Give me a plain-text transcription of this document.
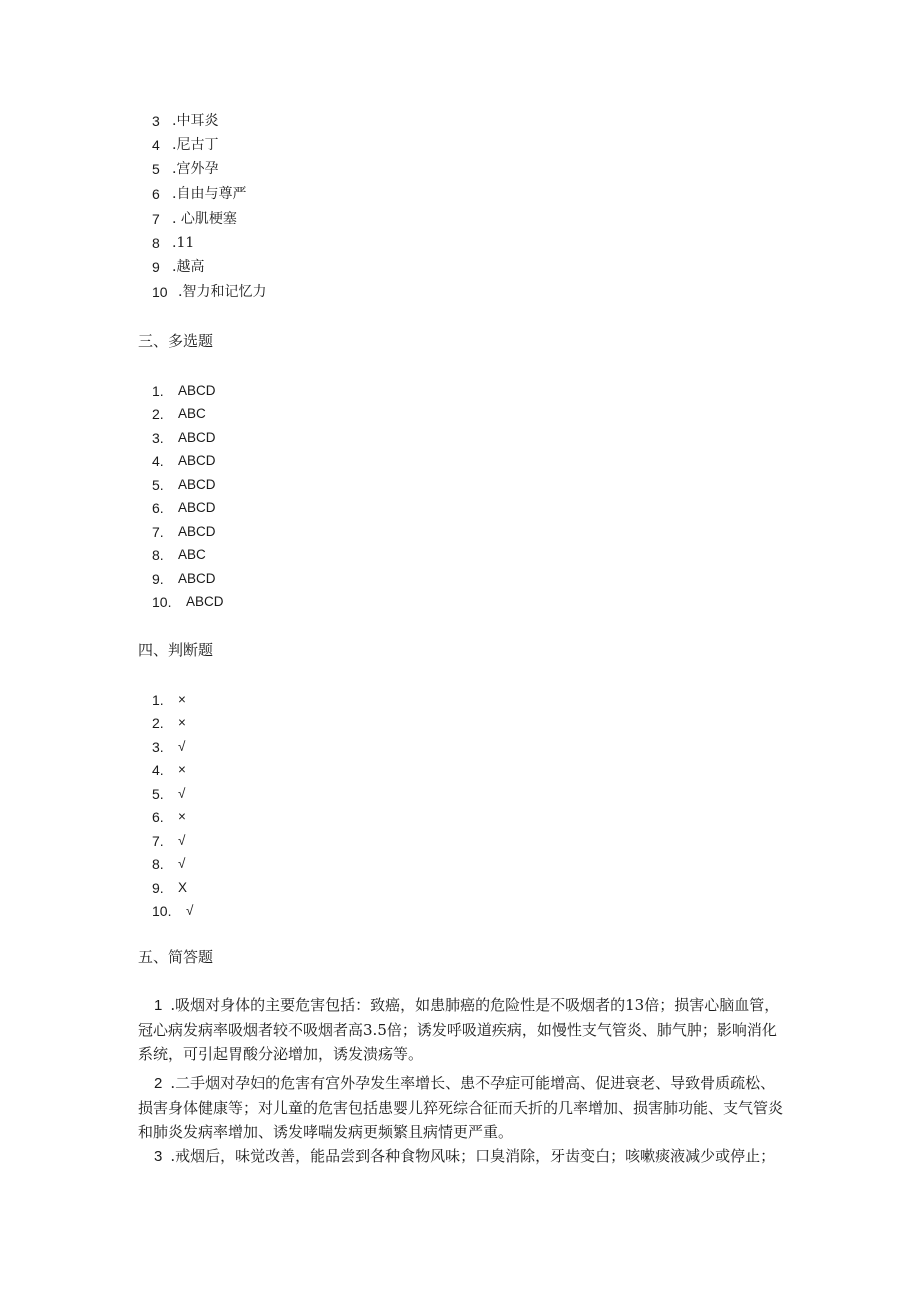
3 .中耳炎
4 .尼古丁
5 .宫外孕
6 .自由与尊严
7 . 心肌梗塞
8 .11
9 .越高
10 .智力和记忆力
三、多选题
1. ABCD
2. ABC
3. ABCD
4. ABCD
5. ABCD
6. ABCD
7. ABCD
8. ABC
9. ABCD
10. ABCD
四、判断题
1. ×
2. ×
3. √
4. ×
5. √
6. ×
7. √
8. √
9. X
10. √
五、简答题
1 .吸烟对身体的主要危害包括：致癌，如患肺癌的危险性是不吸烟者的13倍；损害心脑血管，冠心病发病率吸烟者较不吸烟者高3.5倍；诱发呼吸道疾病，如慢性支气管炎、肺气肿；影响消化系统，可引起胃酸分泌增加，诱发溃疡等。
2 .二手烟对孕妇的危害有宫外孕发生率增长、患不孕症可能增高、促进衰老、导致骨质疏松、损害身体健康等；对儿童的危害包括患婴儿猝死综合征而夭折的几率增加、损害肺功能、支气管炎和肺炎发病率增加、诱发哮喘发病更频繁且病情更严重。
3 .戒烟后，味觉改善，能品尝到各种食物风味；口臭消除，牙齿变白；咳嗽痰液减少或停止；
